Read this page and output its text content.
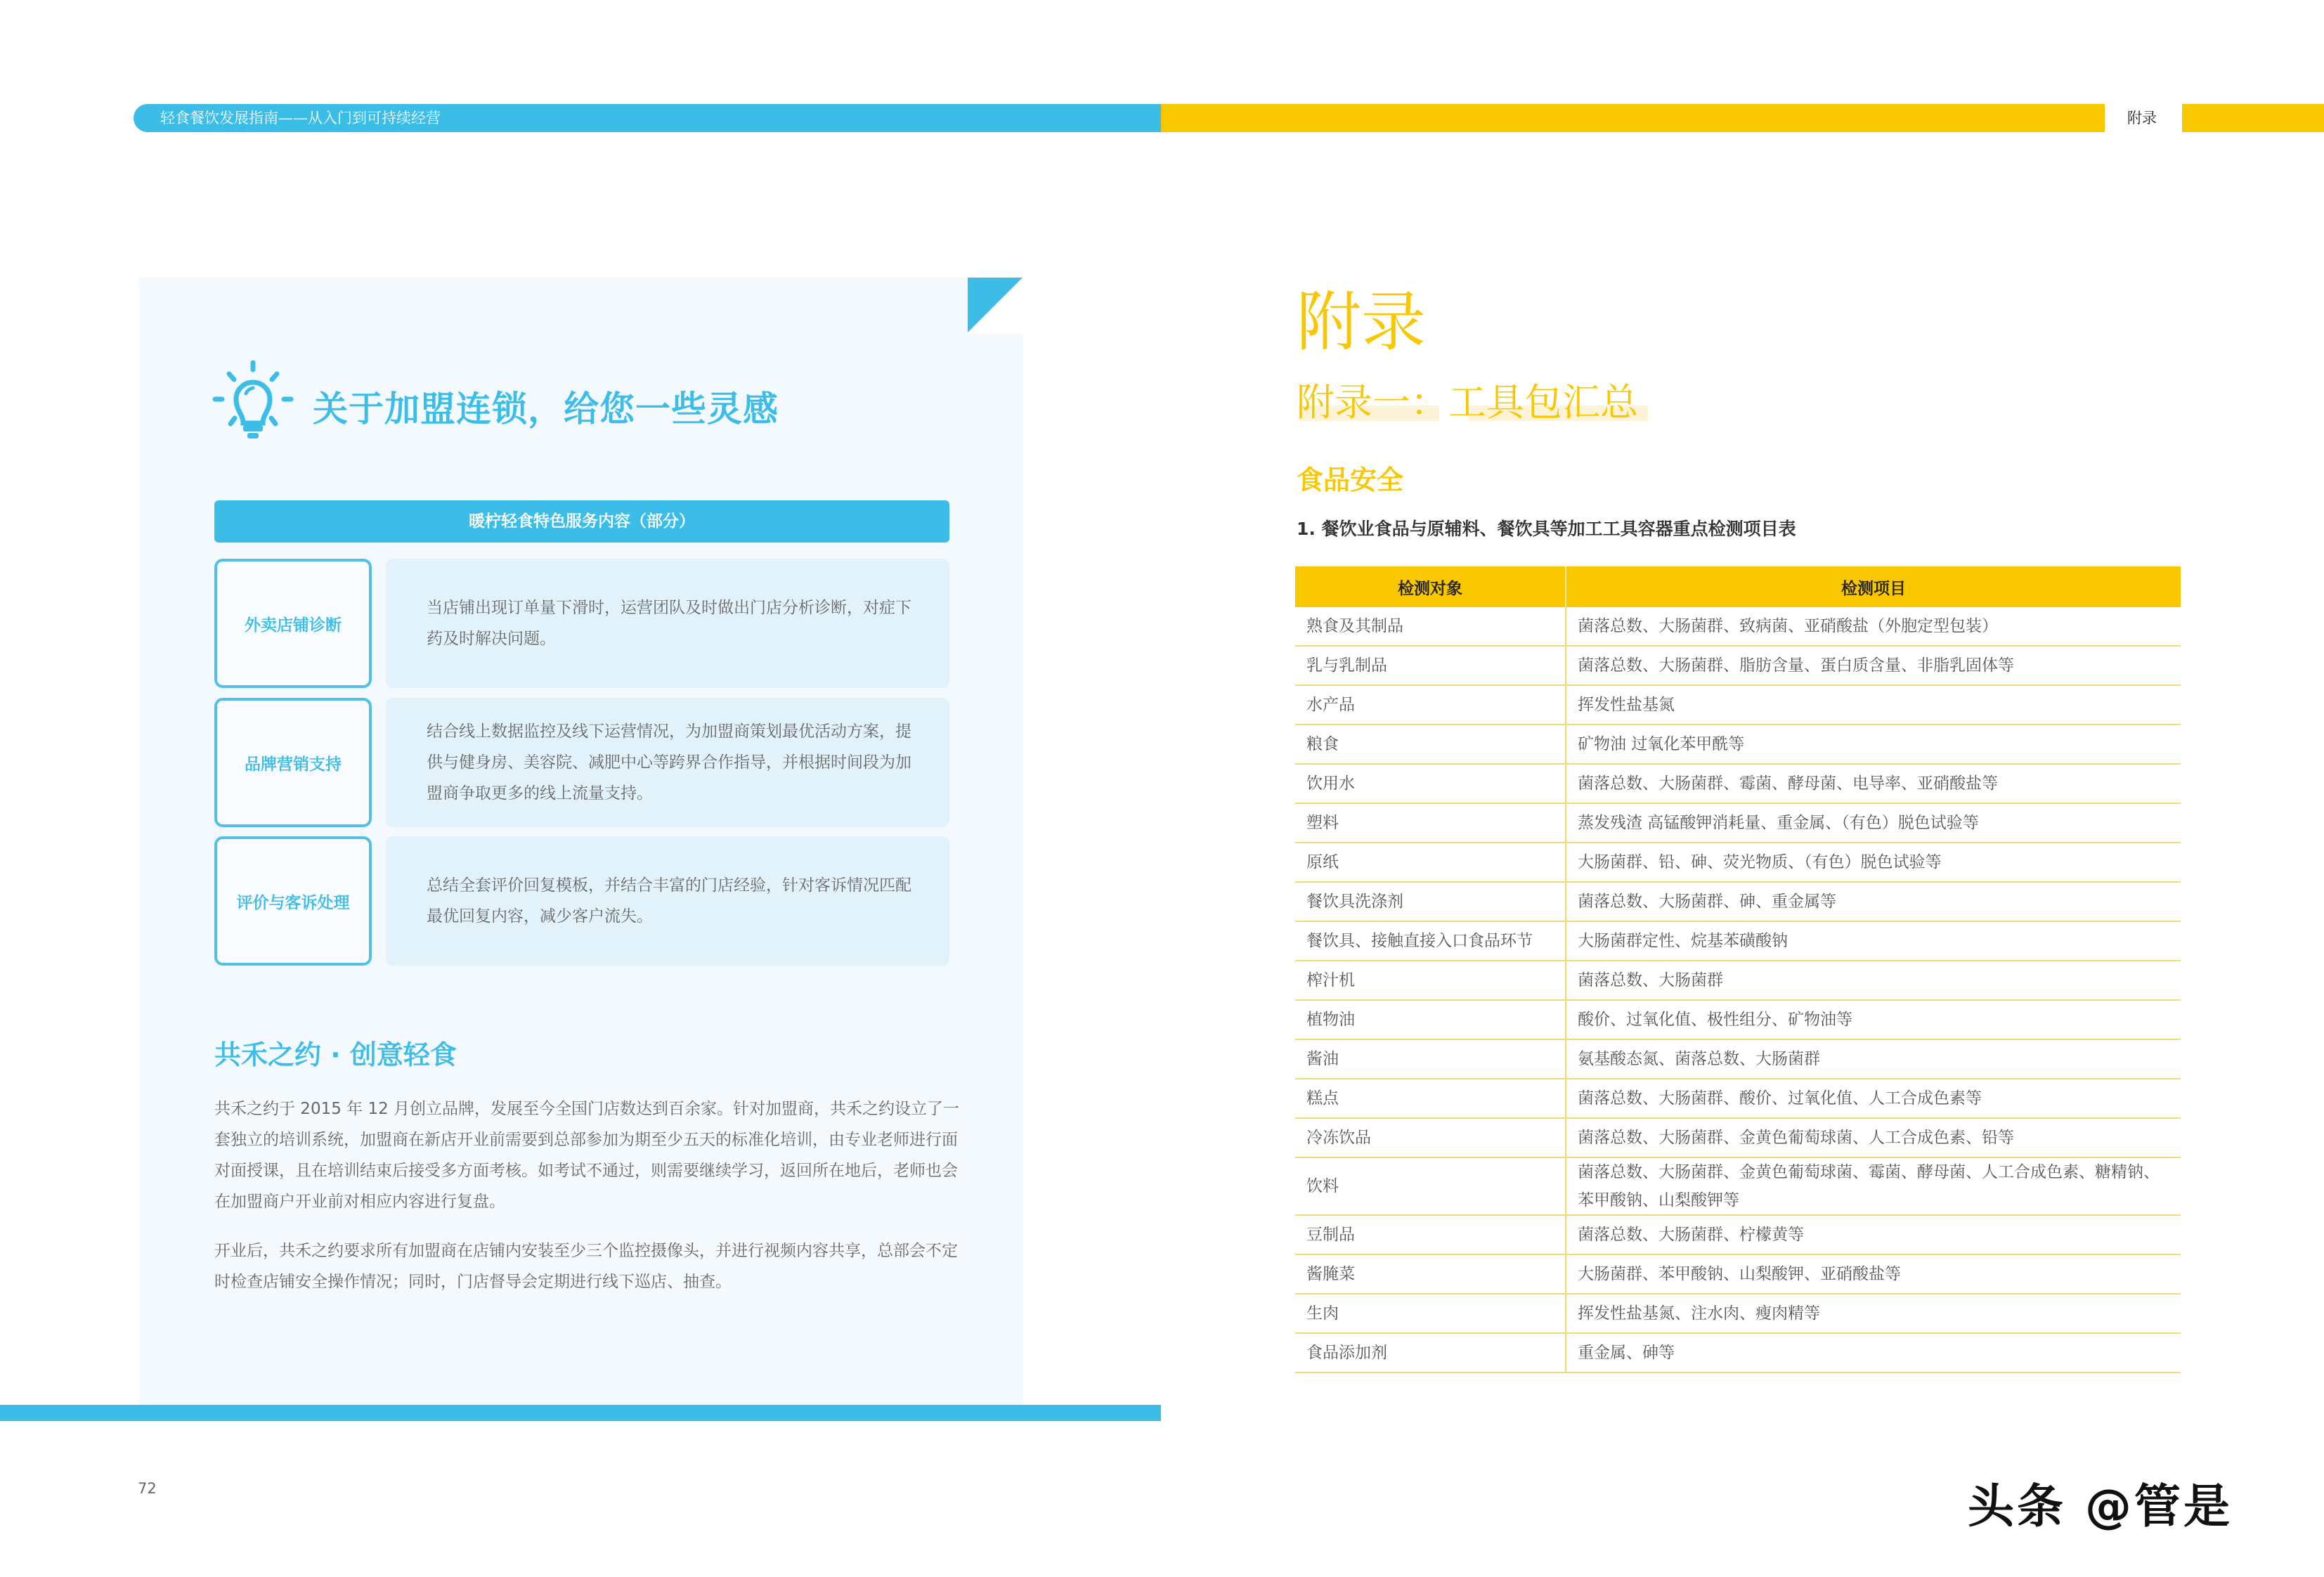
轻食餐饮发展指南——从入门到可持续经营	附录
关于加盟连锁，给您一些灵感
暖柠轻食特色服务内容（部分）
外卖店铺诊断
当店铺出现订单量下滑时，运营团队及时做出门店分析诊断，对症下药及时解决问题。
品牌营销支持
结合线上数据监控及线下运营情况，为加盟商策划最优活动方案，提供与健身房、美容院、减肥中心等跨界合作指导，并根据时间段为加盟商争取更多的线上流量支持。
评价与客诉处理
总结全套评价回复模板，并结合丰富的门店经验，针对客诉情况匹配最优回复内容，减少客户流失。
共禾之约 · 创意轻食
共禾之约于 2015 年 12 月创立品牌，发展至今全国门店数达到百余家。针对加盟商，共禾之约设立了一套独立的培训系统，加盟商在新店开业前需要到总部参加为期至少五天的标准化培训，由专业老师进行面对面授课，且在培训结束后接受多方面考核。如考试不通过，则需要继续学习，返回所在地后，老师也会在加盟商户开业前对相应内容进行复盘。
开业后，共禾之约要求所有加盟商在店铺内安装至少三个监控摄像头，并进行视频内容共享，总部会不定时检查店铺安全操作情况；同时，门店督导会定期进行线下巡店、抽查。
72
附录
附录一：工具包汇总
食品安全
1. 餐饮业食品与原辅料、餐饮具等加工工具容器重点检测项目表
检测对象	检测项目
熟食及其制品	菌落总数、大肠菌群、致病菌、亚硝酸盐（外胞定型包装）
乳与乳制品	菌落总数、大肠菌群、脂肪含量、蛋白质含量、非脂乳固体等
水产品	挥发性盐基氮
粮食	矿物油 过氧化苯甲酰等
饮用水	菌落总数、大肠菌群、霉菌、酵母菌、电导率、亚硝酸盐等
塑料	蒸发残渣 高锰酸钾消耗量、重金属、（有色）脱色试验等
原纸	大肠菌群、铅、砷、荧光物质、（有色）脱色试验等
餐饮具洗涤剂	菌落总数、大肠菌群、砷、重金属等
餐饮具、接触直接入口食品环节	大肠菌群定性、烷基苯磺酸钠
榨汁机	菌落总数、大肠菌群
植物油	酸价、过氧化值、极性组分、矿物油等
酱油	氨基酸态氮、菌落总数、大肠菌群
糕点	菌落总数、大肠菌群、酸价、过氧化值、人工合成色素等
冷冻饮品	菌落总数、大肠菌群、金黄色葡萄球菌、人工合成色素、铅等
饮料	菌落总数、大肠菌群、金黄色葡萄球菌、霉菌、酵母菌、人工合成色素、糖精钠、苯甲酸钠、山梨酸钾等
豆制品	菌落总数、大肠菌群、柠檬黄等
酱腌菜	大肠菌群、苯甲酸钠、山梨酸钾、亚硝酸盐等
生肉	挥发性盐基氮、注水肉、瘦肉精等
食品添加剂	重金属、砷等
头条 @管是
